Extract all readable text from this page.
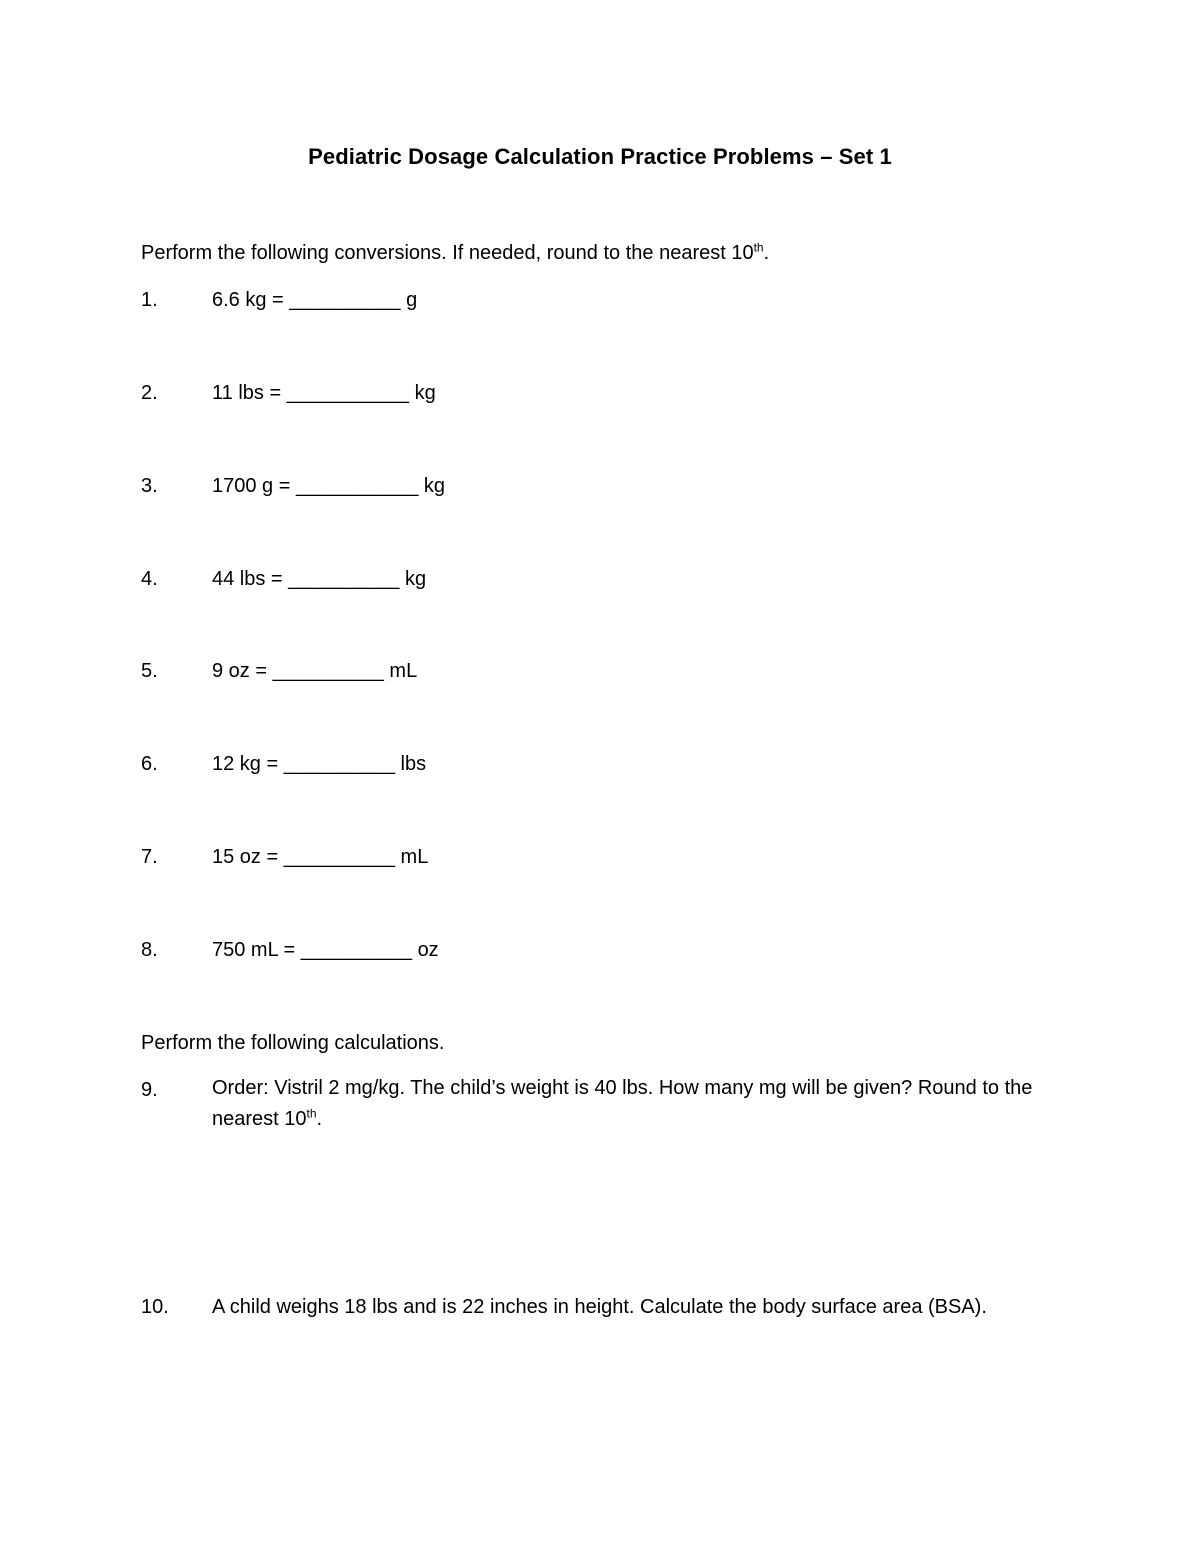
Pediatric Dosage Calculation Practice Problems – Set 1
Perform the following conversions. If needed, round to the nearest 10th.
1.	6.6 kg = __________ g
2.	11 lbs = ___________ kg
3.	1700 g = ___________ kg
4.	44 lbs = __________ kg
5.	9 oz = __________ mL
6.	12 kg = __________ lbs
7.	15 oz = __________ mL
8.	750 mL = __________ oz
Perform the following calculations.
9.	Order: Vistril 2 mg/kg. The child’s weight is 40 lbs. How many mg will be given? Round to the nearest 10th.
10. A child weighs 18 lbs and is 22 inches in height. Calculate the body surface area (BSA).
